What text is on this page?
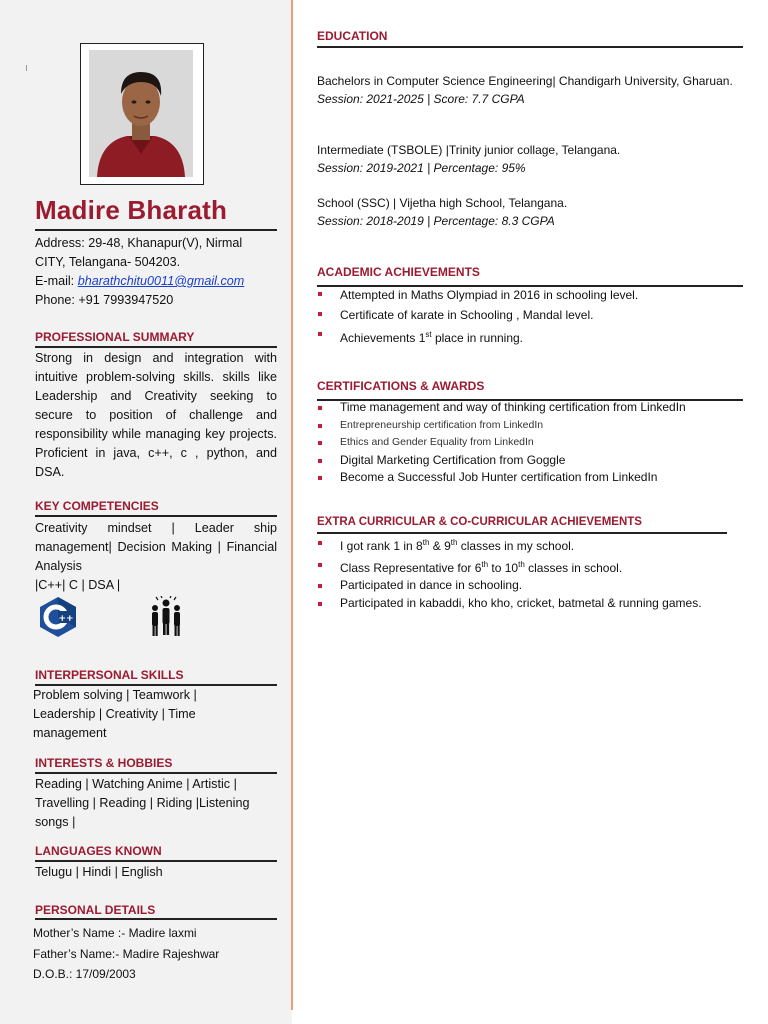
Madire Bharath
Address: 29-48, Khanapur(V), Nirmal
CITY, Telangana- 504203.
E-mail: bharathchitu0011@gmail.com
Phone: +91 7993947520
PROFESSIONAL SUMMARY
Strong in design and integration with intuitive problem-solving skills. skills like Leadership and Creativity seeking to secure to position of challenge and responsibility while managing key projects. Proficient in java, c++, c , python, and DSA.
KEY COMPETENCIES
Creativity mindset | Leader ship management| Decision Making | Financial Analysis
|C++| C | DSA |
++
INTERPERSONAL SKILLS
Problem solving | Teamwork |
Leadership | Creativity | Time
management
INTERESTS & HOBBIES
Reading | Watching Anime | Artistic |
Travelling | Reading | Riding |Listening
songs |
LANGUAGES KNOWN
Telugu | Hindi | English
PERSONAL DETAILS
Mother’s Name :- Madire laxmi
Father’s Name:- Madire Rajeshwar
D.O.B.: 17/09/2003
EDUCATION
Bachelors in Computer Science Engineering| Chandigarh University, Gharuan.
Session: 2021-2025 | Score: 7.7 CGPA
Intermediate (TSBOLE) |Trinity junior collage, Telangana.
Session: 2019-2021 | Percentage: 95%
School (SSC) | Vijetha high School, Telangana.
Session: 2018-2019 | Percentage: 8.3 CGPA
ACADEMIC ACHIEVEMENTS
Attempted in Maths Olympiad in 2016 in schooling level.
Certificate of karate in Schooling , Mandal level.
Achievements 1st place in running.
CERTIFICATIONS & AWARDS
Time management and way of thinking certification from LinkedIn
Entrepreneurship certification from LinkedIn
Ethics and Gender Equality from LinkedIn
Digital Marketing Certification from Goggle
Become a Successful Job Hunter certification from LinkedIn
EXTRA CURRICULAR & CO-CURRICULAR ACHIEVEMENTS
I got rank 1 in 8th & 9th classes in my school.
Class Representative for 6th to 10th classes in school.
Participated in dance in schooling.
Participated in kabaddi, kho kho, cricket, batmetal & running games.
